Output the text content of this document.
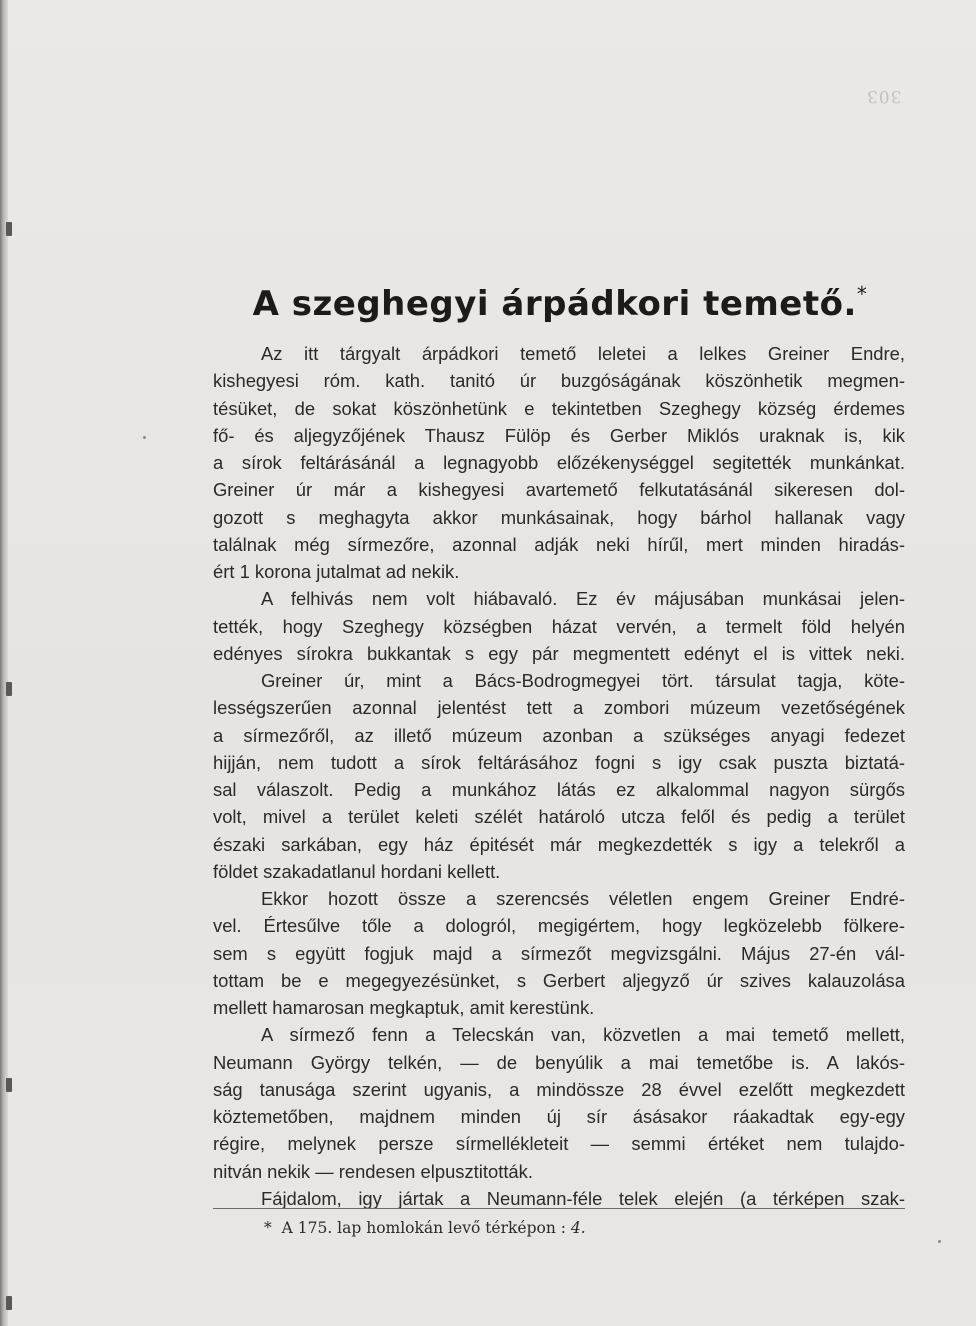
303
A szeghegyi árpádkori temető.*
Az itt tárgyalt árpádkori temető leletei a lelkes Greiner Endre,
kishegyesi róm. kath. tanitó úr buzgóságának köszönhetik megmen-
tésüket, de sokat köszönhetünk e tekintetben Szeghegy község érdemes
fő- és aljegyzőjének Thausz Fülöp és Gerber Miklós uraknak is, kik
a sírok feltárásánál a legnagyobb előzékenységgel segitették munkánkat.
Greiner úr már a kishegyesi avartemető felkutatásánál sikeresen dol-
gozott s meghagyta akkor munkásainak, hogy bárhol hallanak vagy
találnak még sírmezőre, azonnal adják neki hírűl, mert minden hiradás-
ért 1 korona jutalmat ad nekik.
A felhivás nem volt hiábavaló. Ez év májusában munkásai jelen-
tették, hogy Szeghegy községben házat vervén, a termelt föld helyén
edényes sírokra bukkantak s egy pár megmentett edényt el is vittek neki.
Greiner úr, mint a Bács-Bodrogmegyei tört. társulat tagja, köte-
lességszerűen azonnal jelentést tett a zombori múzeum vezetőségének
a sírmezőről, az illető múzeum azonban a szükséges anyagi fedezet
hijján, nem tudott a sírok feltárásához fogni s igy csak puszta biztatá-
sal válaszolt. Pedig a munkához látás ez alkalommal nagyon sürgős
volt, mivel a terület keleti szélét határoló utcza felől és pedig a terület
északi sarkában, egy ház épitését már megkezdették s igy a telekről a
földet szakadatlanul hordani kellett.
Ekkor hozott össze a szerencsés véletlen engem Greiner Endré-
vel. Értesűlve tőle a dologról, megigértem, hogy legközelebb fölkere-
sem s együtt fogjuk majd a sírmezőt megvizsgálni. Május 27-én vál-
tottam be e megegyezésünket, s Gerbert aljegyző úr szives kalauzolása
mellett hamarosan megkaptuk, amit kerestünk.
A sírmező fenn a Telecskán van, közvetlen a mai temető mellett,
Neumann György telkén, — de benyúlik a mai temetőbe is. A lakós-
ság tanusága szerint ugyanis, a mindössze 28 évvel ezelőtt megkezdett
köztemetőben, majdnem minden új sír ásásakor ráakadtak egy-egy
régire, melynek persze sírmellékleteit — semmi értéket nem tulajdo-
nitván nekik — rendesen elpusztitották.
Fájdalom, igy jártak a Neumann-féle telek elején (a térképen szak-
* A 175. lap homlokán levő térképon : 4.
